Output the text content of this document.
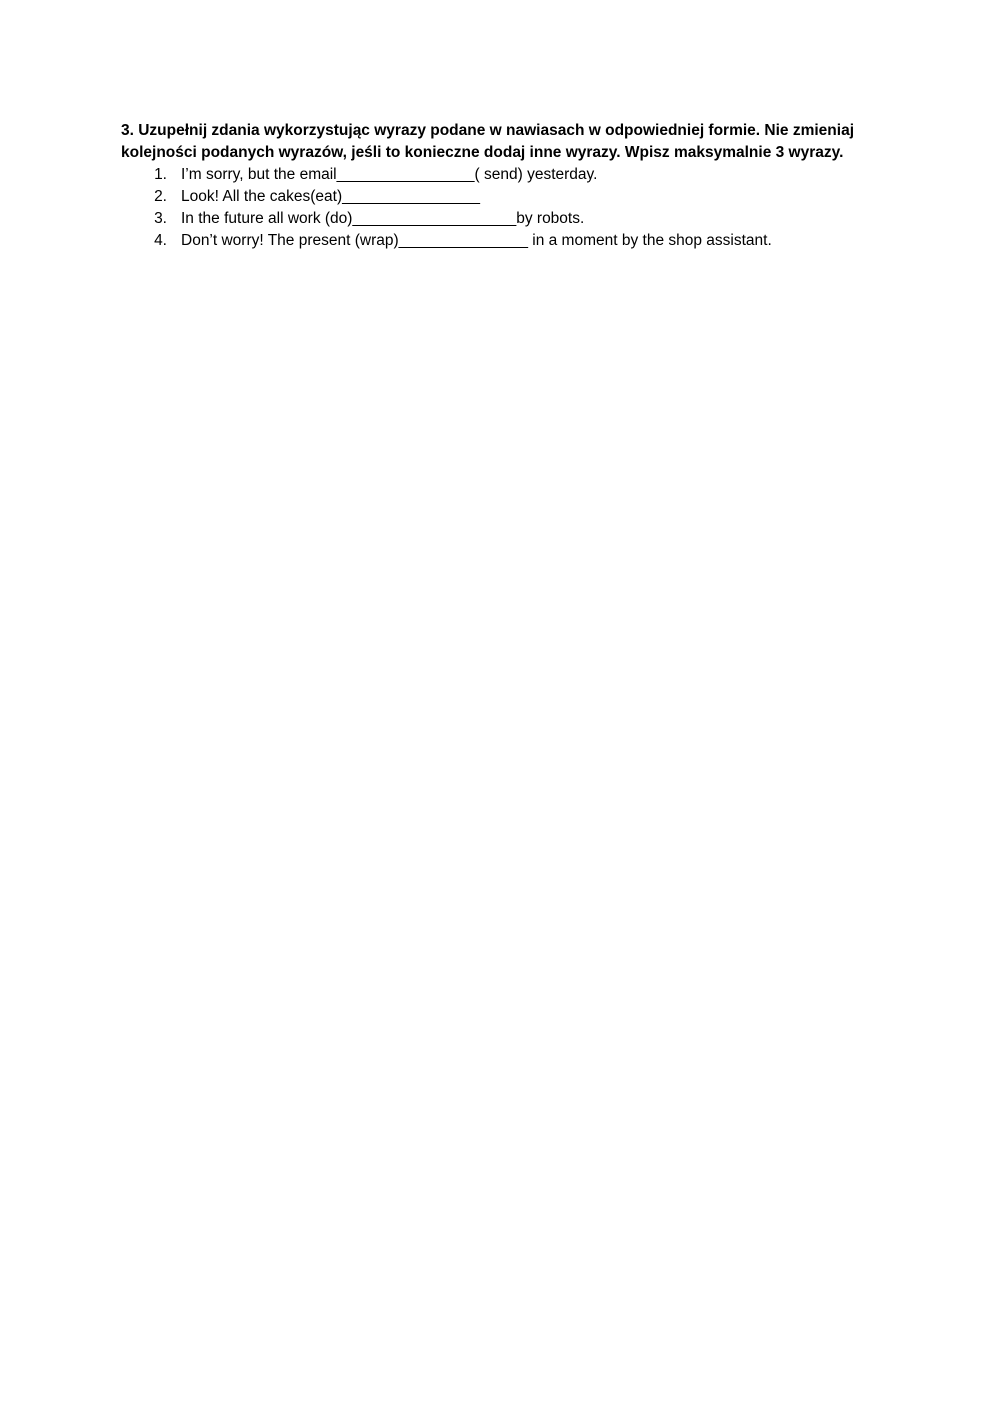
3. Uzupełnij zdania wykorzystując wyrazy podane w nawiasach w odpowiedniej formie. Nie zmieniaj kolejności podanych wyrazów, jeśli to konieczne dodaj inne wyrazy. Wpisz maksymalnie 3 wyrazy.

1. I’m sorry, but the email________________( send) yesterday.
2. Look! All the cakes(eat)________________
3. In the future all work (do)___________________by robots.
4. Don’t worry! The present (wrap)_______________ in a moment by the shop assistant.
